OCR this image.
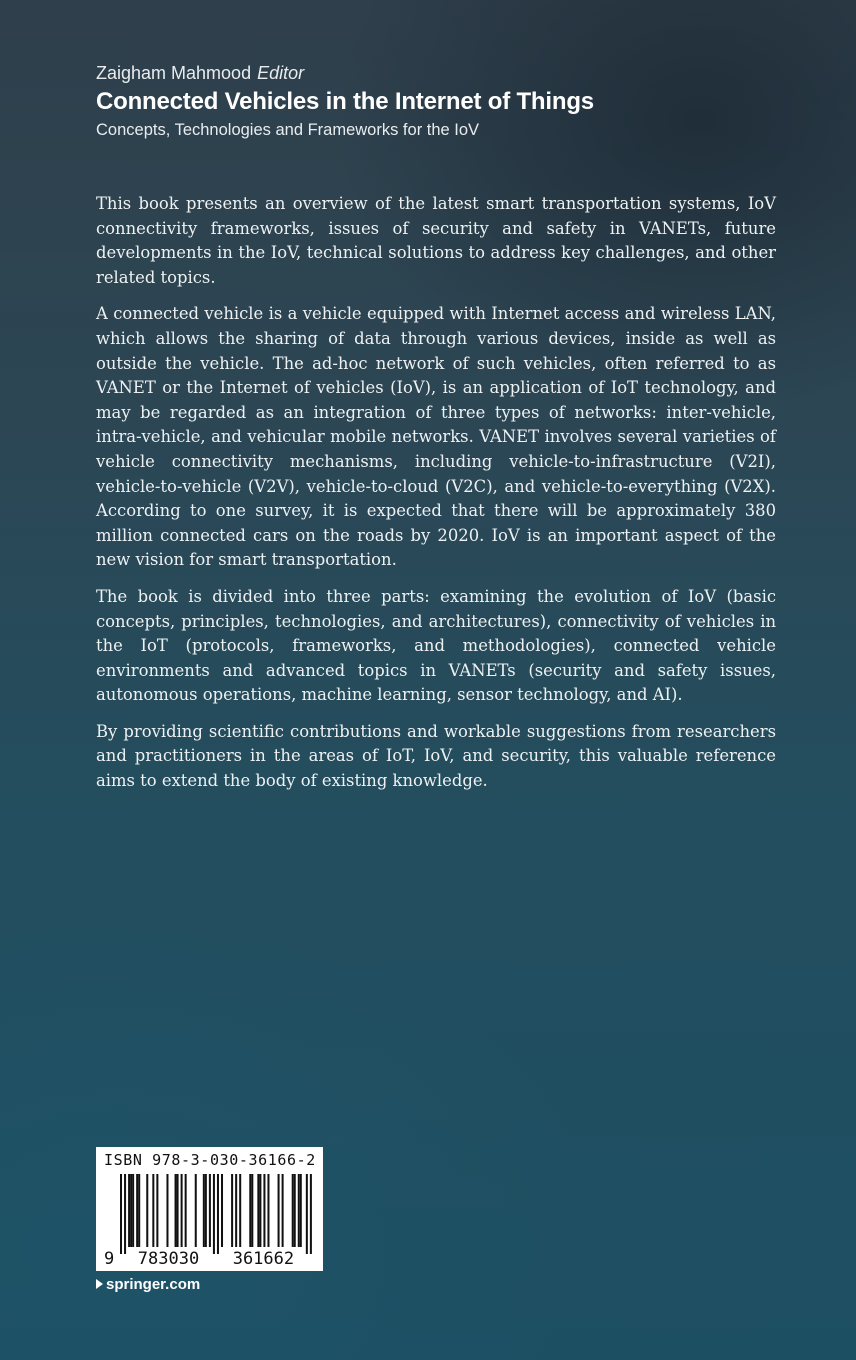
Zaigham Mahmood Editor
Connected Vehicles in the Internet of Things

Concepts, Technologies and Frameworks for the IoV

This book presents an overview of the latest smart transportation systems, IoV connectivity frameworks, issues of security and safety in VANETs, future developments in the IoV, technical solutions to address key challenges, and other related topics.

A connected vehicle is a vehicle equipped with Internet access and wireless LAN, which allows the sharing of data through various devices, inside as well as outside the vehicle. The ad-hoc network of such vehicles, often referred to as VANET or the Internet of vehicles (IoV), is an application of IoT technology, and may be regarded as an integration of three types of networks: inter-vehicle, intra-vehicle, and vehicular mobile networks. VANET involves several varieties of vehicle connectivity mechanisms, including vehicle-to-infrastructure (V2I), vehicle-to-vehicle (V2V), vehicle-to-cloud (V2C), and vehicle-to-everything (V2X). According to one survey, it is expected that there will be approximately 380 million connected cars on the roads by 2020. IoV is an important aspect of the new vision for smart transportation.

The book is divided into three parts: examining the evolution of IoV (basic concepts, principles, technologies, and architectures), connectivity of vehicles in the IoT (protocols, frameworks, and methodologies), connected vehicle environments and advanced topics in VANETs (security and safety issues, autonomous operations, machine learning, sensor technology, and AI).

By providing scientific contributions and workable suggestions from researchers and practitioners in the areas of IoT, IoV, and security, this valuable reference aims to extend the body of existing knowledge.

ISBN 978-3-030-36166-2
9 783030 361662
springer.com
